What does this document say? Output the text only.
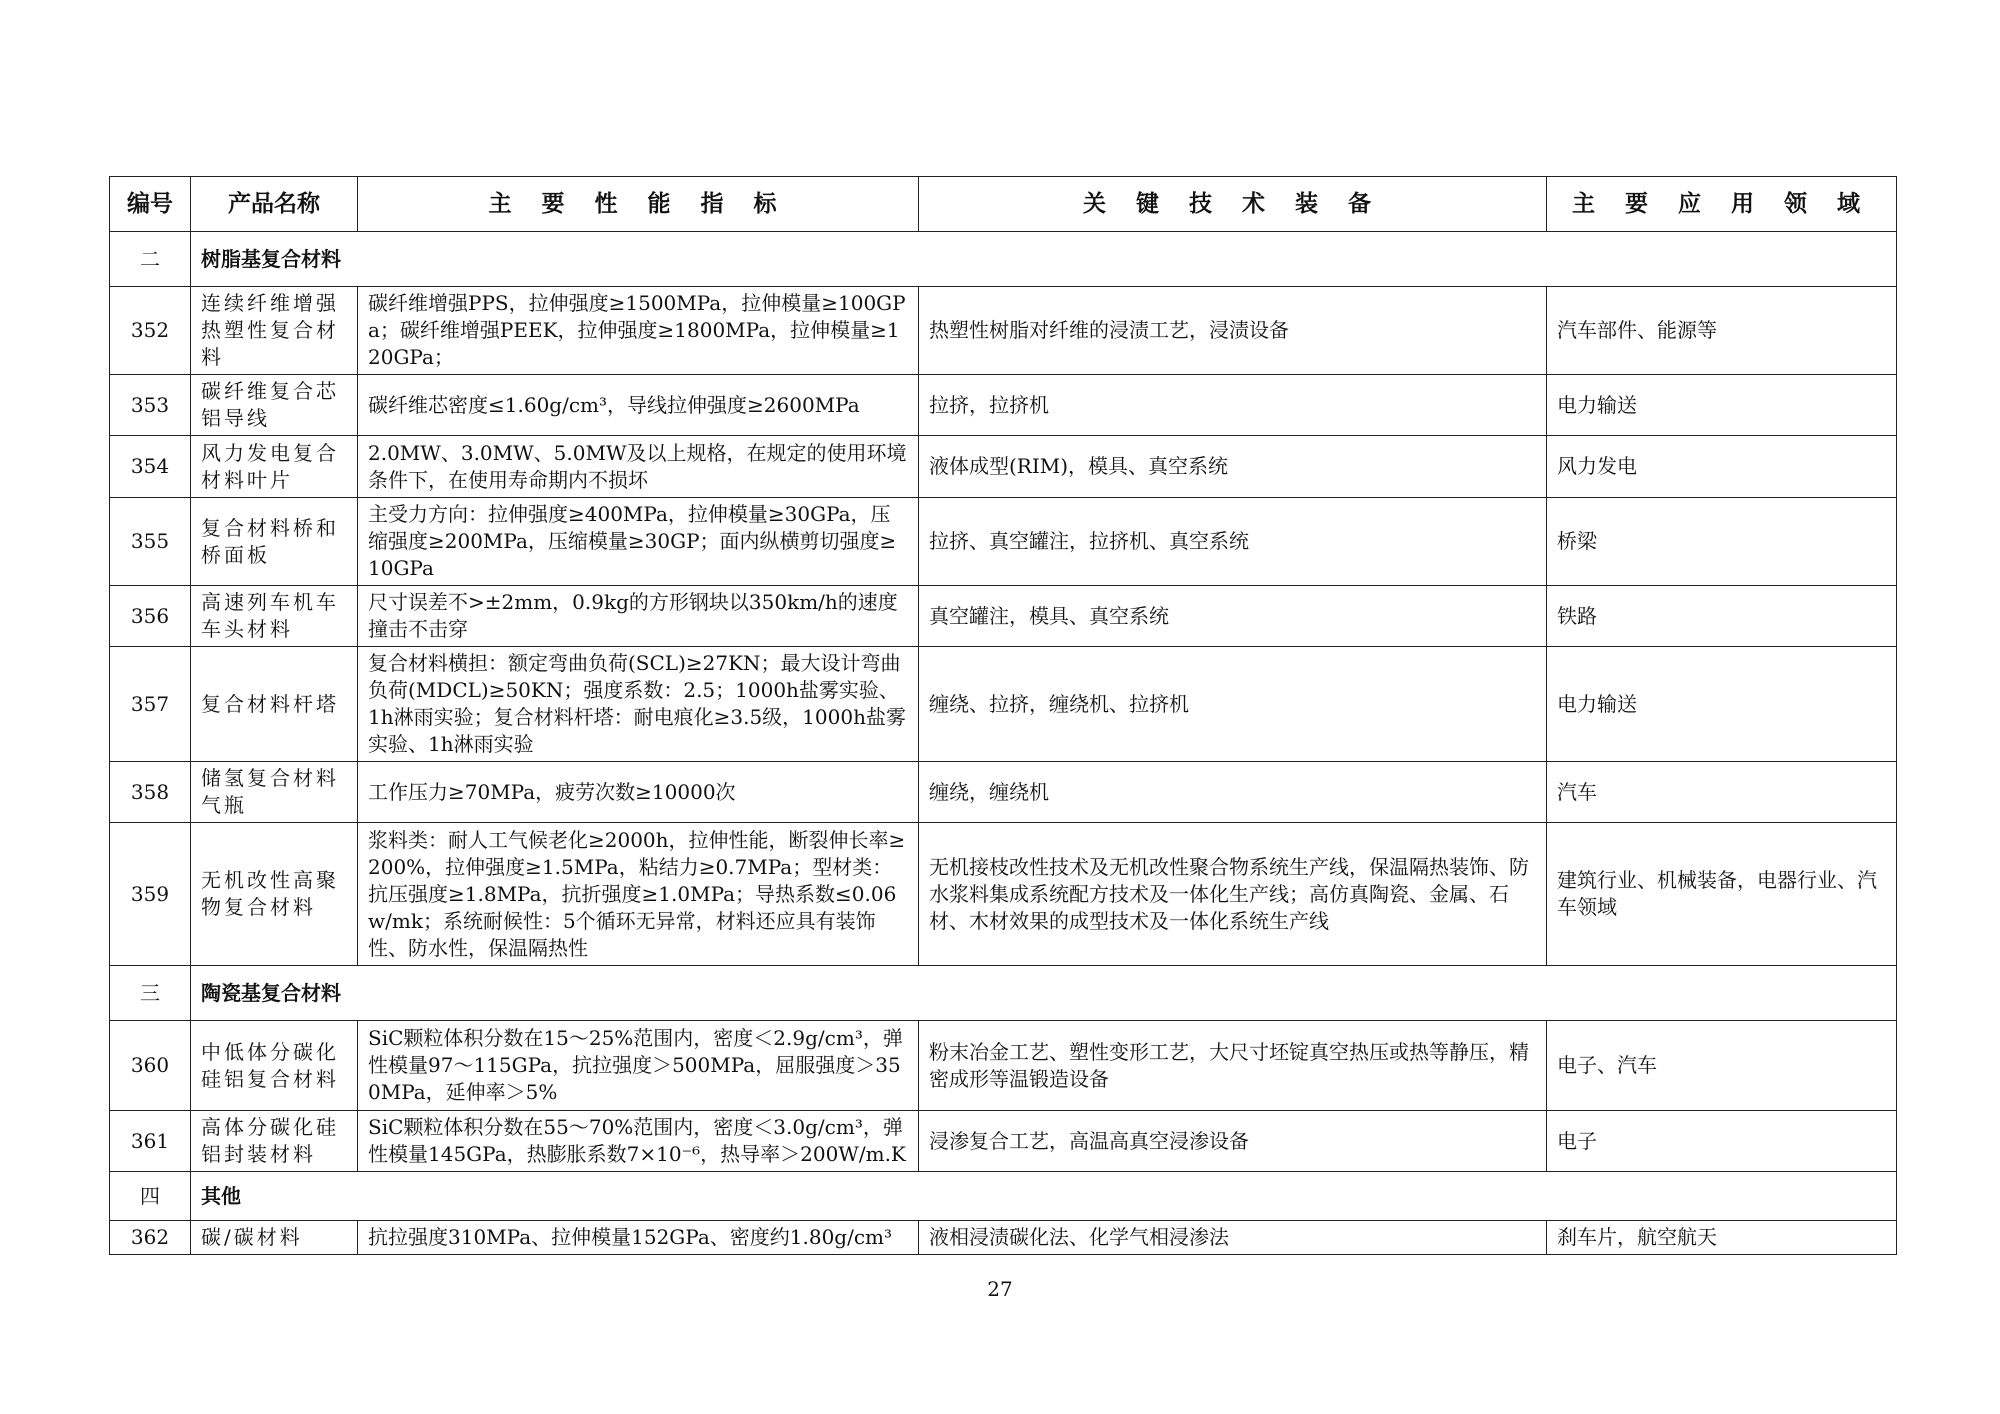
编号	产品名称	主 要 性 能 指 标	关 键 技 术 装 备	主 要 应 用 领 域
二	树脂基复合材料			
352	连续纤维增强热塑性复合材料	碳纤维增强PPS，拉伸强度≥1500MPa，拉伸模量≥100GPa；碳纤维增强PEEK，拉伸强度≥1800MPa，拉伸模量≥120GPa；	热塑性树脂对纤维的浸渍工艺，浸渍设备	汽车部件、能源等
353	碳纤维复合芯铝导线	碳纤维芯密度≤1.60g/cm³，导线拉伸强度≥2600MPa	拉挤，拉挤机	电力输送
354	风力发电复合材料叶片	2.0MW、3.0MW、5.0MW及以上规格，在规定的使用环境条件下，在使用寿命期内不损坏	液体成型(RIM)，模具、真空系统	风力发电
355	复合材料桥和桥面板	主受力方向：拉伸强度≥400MPa，拉伸模量≥30GPa，压缩强度≥200MPa，压缩模量≥30GP；面内纵横剪切强度≥10GPa	拉挤、真空罐注，拉挤机、真空系统	桥梁
356	高速列车机车车头材料	尺寸误差不>±2mm，0.9kg的方形钢块以350km/h的速度撞击不击穿	真空罐注，模具、真空系统	铁路
357	复合材料杆塔	复合材料横担：额定弯曲负荷(SCL)≥27KN；最大设计弯曲负荷(MDCL)≥50KN；强度系数：2.5；1000h盐雾实验、1h淋雨实验；复合材料杆塔：耐电痕化≥3.5级，1000h盐雾实验、1h淋雨实验	缠绕、拉挤，缠绕机、拉挤机	电力输送
358	储氢复合材料气瓶	工作压力≥70MPa，疲劳次数≥10000次	缠绕，缠绕机	汽车
359	无机改性高聚物复合材料	浆料类：耐人工气候老化≥2000h，拉伸性能，断裂伸长率≥200%，拉伸强度≥1.5MPa，粘结力≥0.7MPa；型材类：抗压强度≥1.8MPa，抗折强度≥1.0MPa；导热系数≤0.06w/mk；系统耐候性：5个循环无异常，材料还应具有装饰性、防水性，保温隔热性	无机接枝改性技术及无机改性聚合物系统生产线，保温隔热装饰、防水浆料集成系统配方技术及一体化生产线；高仿真陶瓷、金属、石材、木材效果的成型技术及一体化系统生产线	建筑行业、机械装备，电器行业、汽车领域
三	陶瓷基复合材料			
360	中低体分碳化硅铝复合材料	SiC颗粒体积分数在15～25%范围内，密度＜2.9g/cm³，弹性模量97～115GPa，抗拉强度＞500MPa，屈服强度＞350MPa，延伸率＞5%	粉末冶金工艺、塑性变形工艺，大尺寸坯锭真空热压或热等静压，精密成形等温锻造设备	电子、汽车
361	高体分碳化硅铝封装材料	SiC颗粒体积分数在55～70%范围内，密度＜3.0g/cm³，弹性模量145GPa，热膨胀系数7×10⁻⁶，热导率＞200W/m.K	浸渗复合工艺，高温高真空浸渗设备	电子
四	其他			
362	碳/碳材料	抗拉强度310MPa、拉伸模量152GPa、密度约1.80g/cm³	液相浸渍碳化法、化学气相浸渗法	刹车片，航空航天
27
